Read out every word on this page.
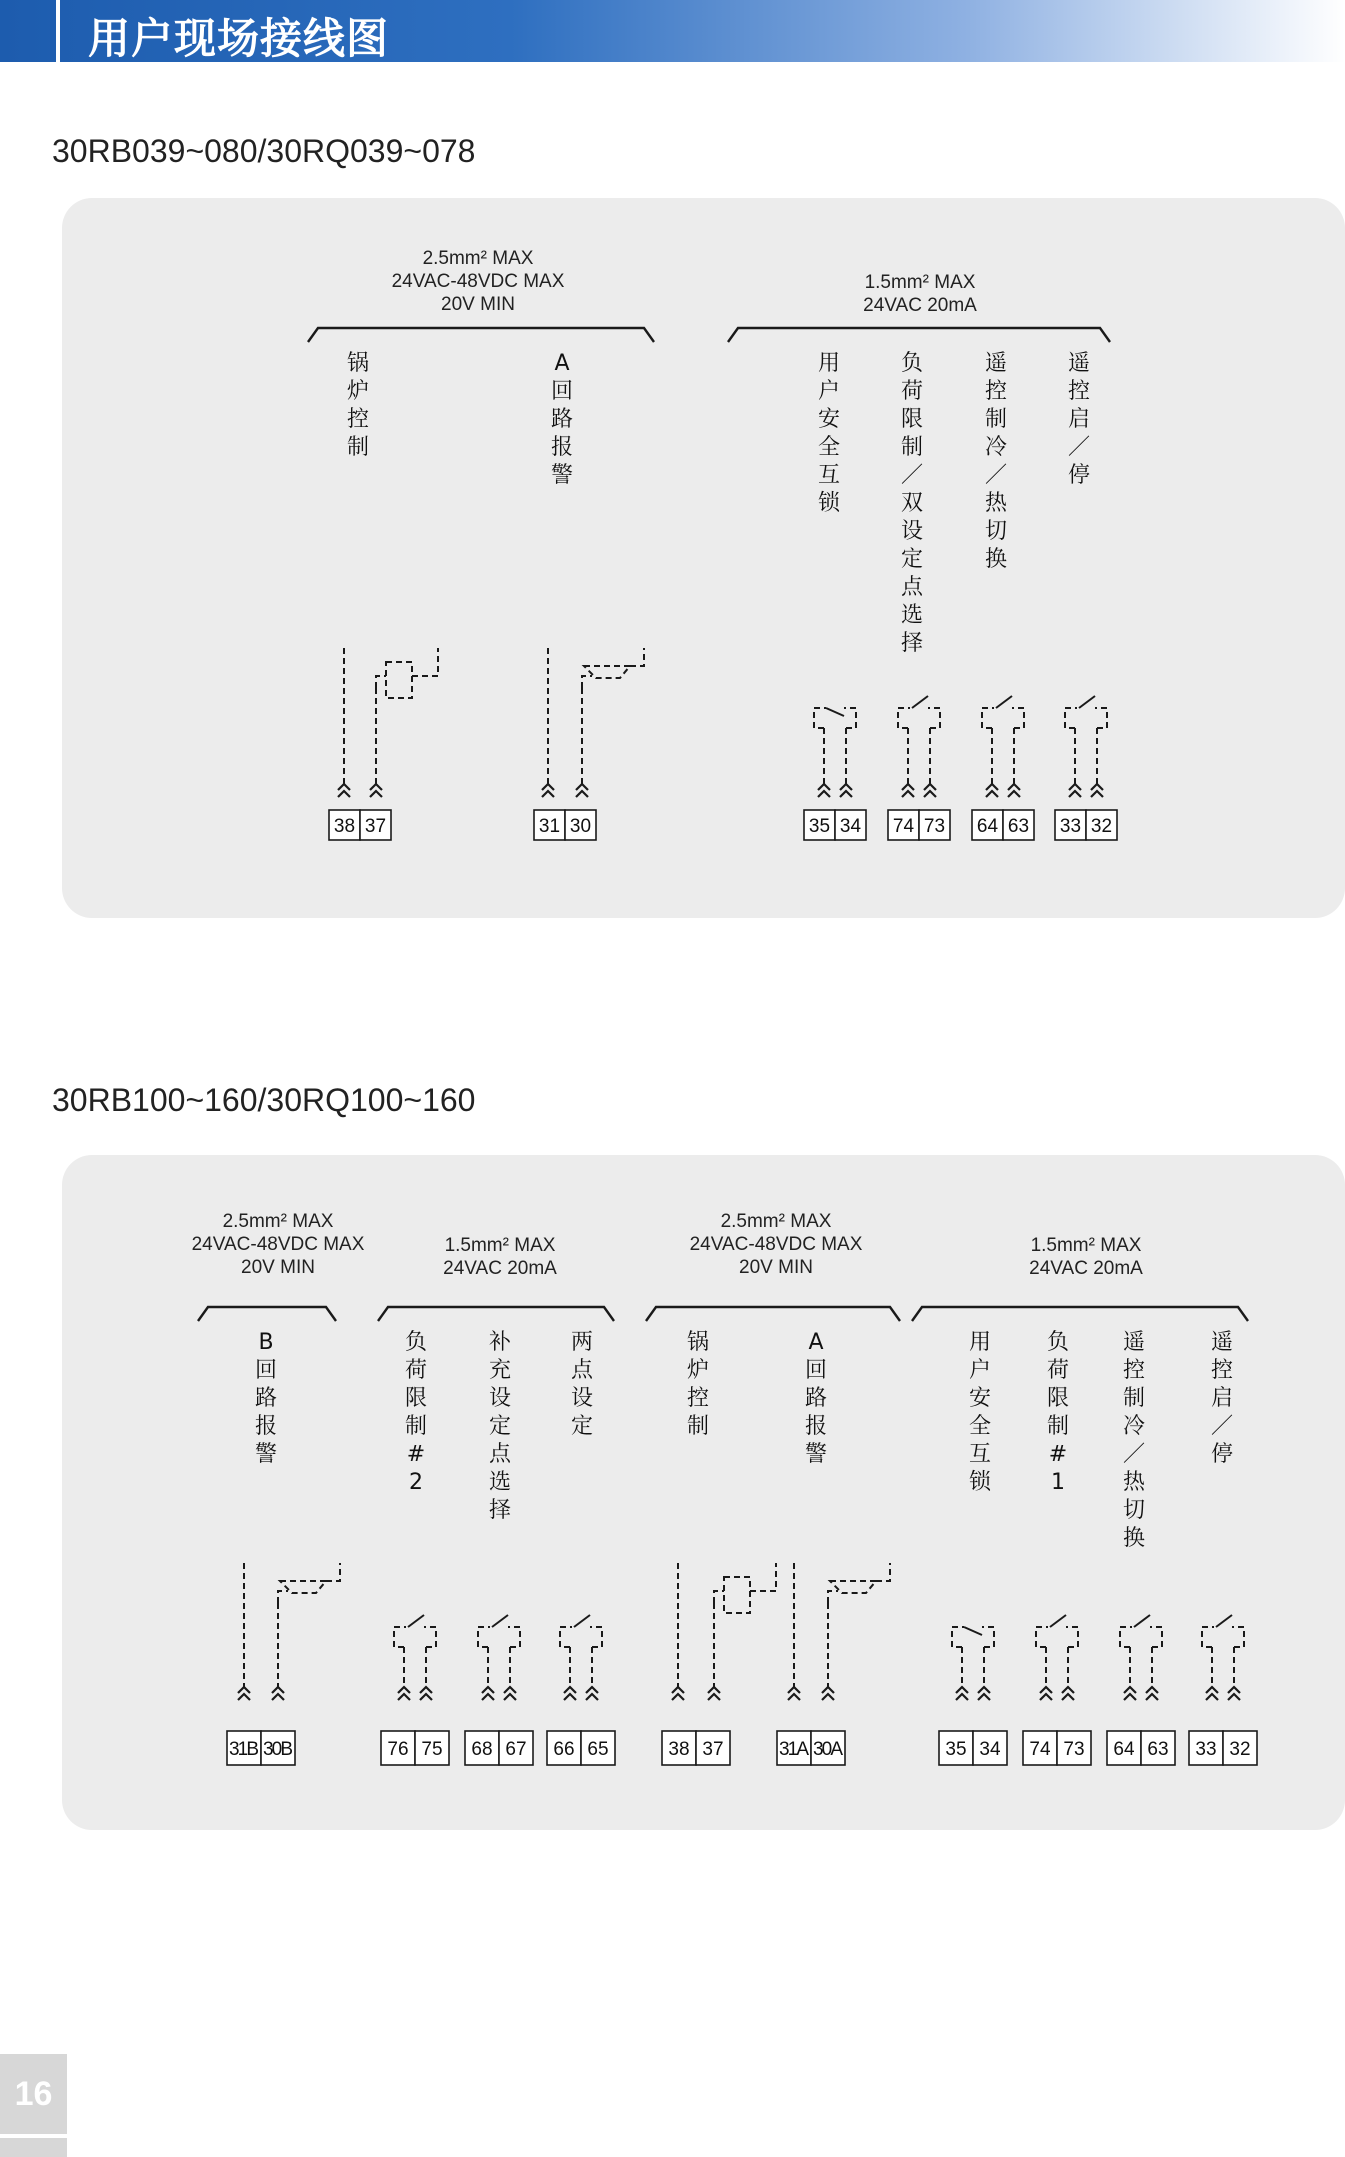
用户现场接线图
30RB039~080/30RQ039~078
2.5mm² MAX
24VAC-48VDC MAX
20V MIN
1.5mm² MAX
24VAC 20mA
锅
炉
控
制
38 37
A
回
路
报
警
31 30
用
户
安
全
互
锁
35 34
负
荷
限
制
／
双
设
定
点
选
择
74 73
遥
控
制
冷
／
热
切
换
64 63
遥
控
启
／
停
33 32
30RB100~160/30RQ100~160
2.5mm² MAX
24VAC-48VDC MAX
20V MIN
1.5mm² MAX
24VAC 20mA
2.5mm² MAX
24VAC-48VDC MAX
20V MIN
1.5mm² MAX
24VAC 20mA
B
回
路
报
警
31B 30B
负
荷
限
制
#
2
76 75
补
充
设
定
点
选
择
68 67
两
点
设
定
66 65
锅
炉
控
制
38 37
A
回
路
报
警
31A 30A
用
户
安
全
互
锁
35 34
负
荷
限
制
#
1
74 73
遥
控
制
冷
／
热
切
换
64 63
遥
控
启
／
停
33 32
16
